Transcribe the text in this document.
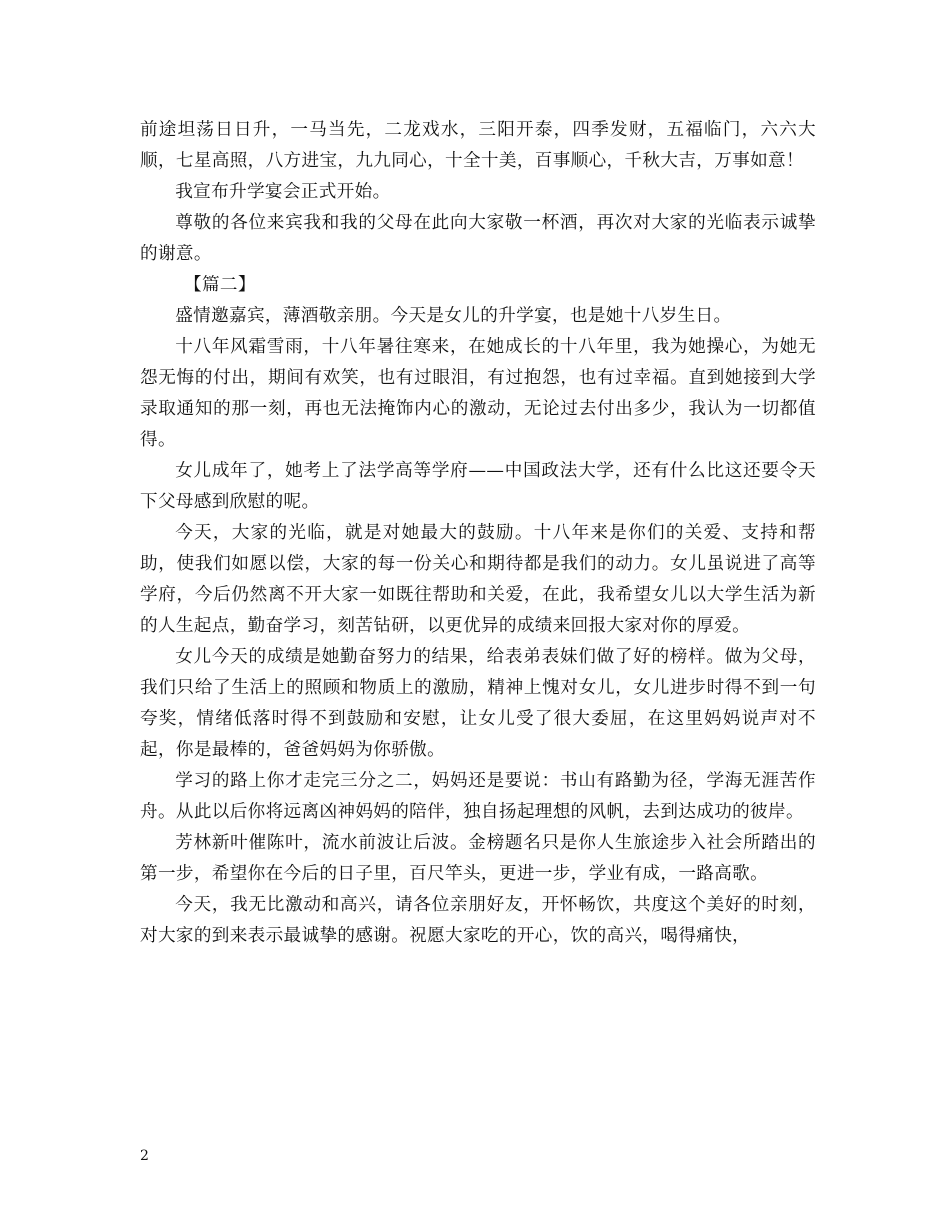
前途坦荡日日升，一马当先，二龙戏水，三阳开泰，四季发财，五福临门，六六大顺，七星高照，八方进宝，九九同心，十全十美，百事顺心，千秋大吉，万事如意！

我宣布升学宴会正式开始。

尊敬的各位来宾我和我的父母在此向大家敬一杯酒，再次对大家的光临表示诚挚的谢意。

【篇二】

盛情邀嘉宾，薄酒敬亲朋。今天是女儿的升学宴，也是她十八岁生日。

十八年风霜雪雨，十八年暑往寒来，在她成长的十八年里，我为她操心，为她无怨无悔的付出，期间有欢笑，也有过眼泪，有过抱怨，也有过幸福。直到她接到大学录取通知的那一刻，再也无法掩饰内心的激动，无论过去付出多少，我认为一切都值得。

女儿成年了，她考上了法学高等学府——中国政法大学，还有什么比这还要令天下父母感到欣慰的呢。

今天，大家的光临，就是对她最大的鼓励。十八年来是你们的关爱、支持和帮助，使我们如愿以偿，大家的每一份关心和期待都是我们的动力。女儿虽说进了高等学府，今后仍然离不开大家一如既往帮助和关爱，在此，我希望女儿以大学生活为新的人生起点，勤奋学习，刻苦钻研，以更优异的成绩来回报大家对你的厚爱。

女儿今天的成绩是她勤奋努力的结果，给表弟表妹们做了好的榜样。做为父母，我们只给了生活上的照顾和物质上的激励，精神上愧对女儿，女儿进步时得不到一句夸奖，情绪低落时得不到鼓励和安慰，让女儿受了很大委屈，在这里妈妈说声对不起，你是最棒的，爸爸妈妈为你骄傲。

学习的路上你才走完三分之二，妈妈还是要说：书山有路勤为径，学海无涯苦作舟。从此以后你将远离凶神妈妈的陪伴，独自扬起理想的风帆，去到达成功的彼岸。

芳林新叶催陈叶，流水前波让后波。金榜题名只是你人生旅途步入社会所踏出的第一步，希望你在今后的日子里，百尺竿头，更进一步，学业有成，一路高歌。

今天，我无比激动和高兴，请各位亲朋好友，开怀畅饮，共度这个美好的时刻，对大家的到来表示最诚挚的感谢。祝愿大家吃的开心，饮的高兴，喝得痛快，

2
